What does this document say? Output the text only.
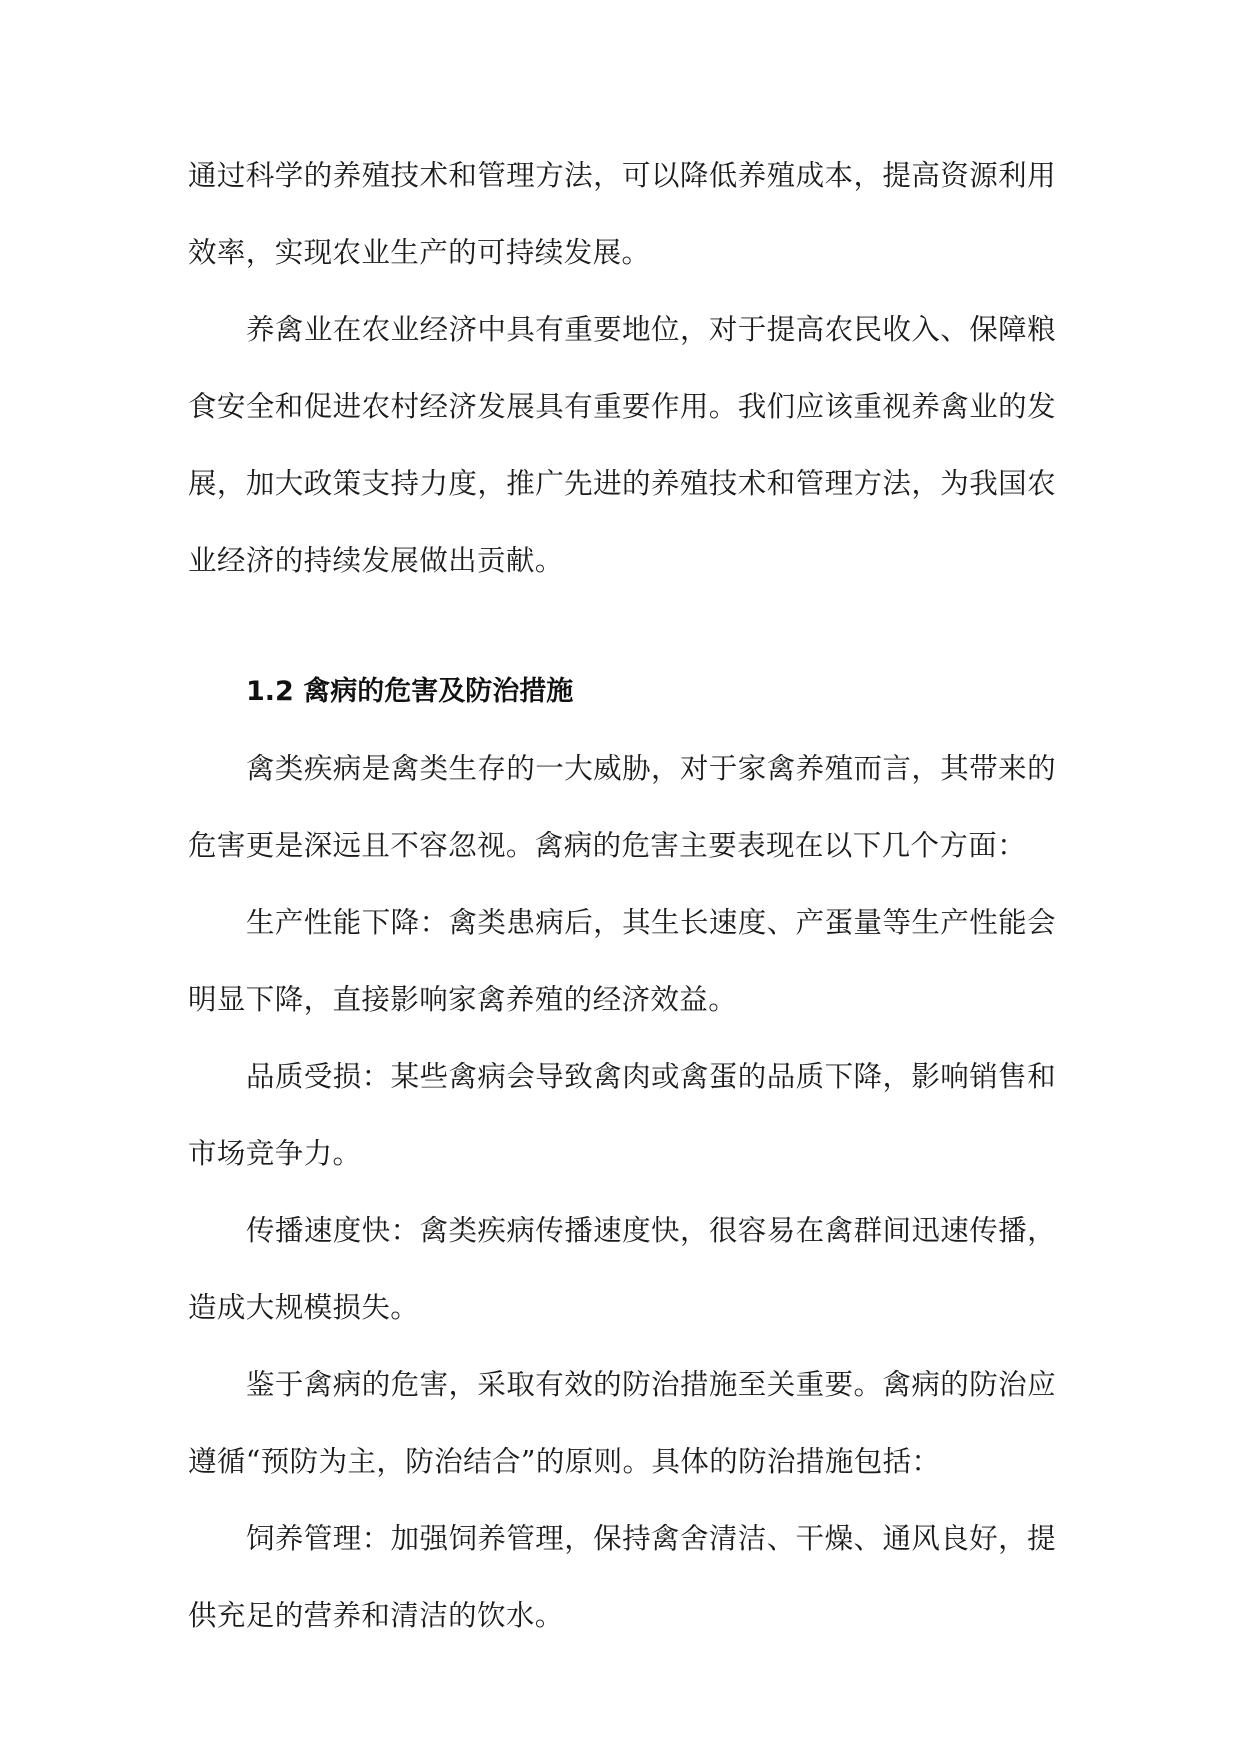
通过科学的养殖技术和管理方法，可以降低养殖成本，提高资源利用效率，实现农业生产的可持续发展。

养禽业在农业经济中具有重要地位，对于提高农民收入、保障粮食安全和促进农村经济发展具有重要作用。我们应该重视养禽业的发展，加大政策支持力度，推广先进的养殖技术和管理方法，为我国农业经济的持续发展做出贡献。

1.2 禽病的危害及防治措施

禽类疾病是禽类生存的一大威胁，对于家禽养殖而言，其带来的危害更是深远且不容忽视。禽病的危害主要表现在以下几个方面：

生产性能下降：禽类患病后，其生长速度、产蛋量等生产性能会明显下降，直接影响家禽养殖的经济效益。

品质受损：某些禽病会导致禽肉或禽蛋的品质下降，影响销售和市场竞争力。

传播速度快：禽类疾病传播速度快，很容易在禽群间迅速传播，造成大规模损失。

鉴于禽病的危害，采取有效的防治措施至关重要。禽病的防治应遵循“预防为主，防治结合”的原则。具体的防治措施包括：

饲养管理：加强饲养管理，保持禽舍清洁、干燥、通风良好，提供充足的营养和清洁的饮水。
